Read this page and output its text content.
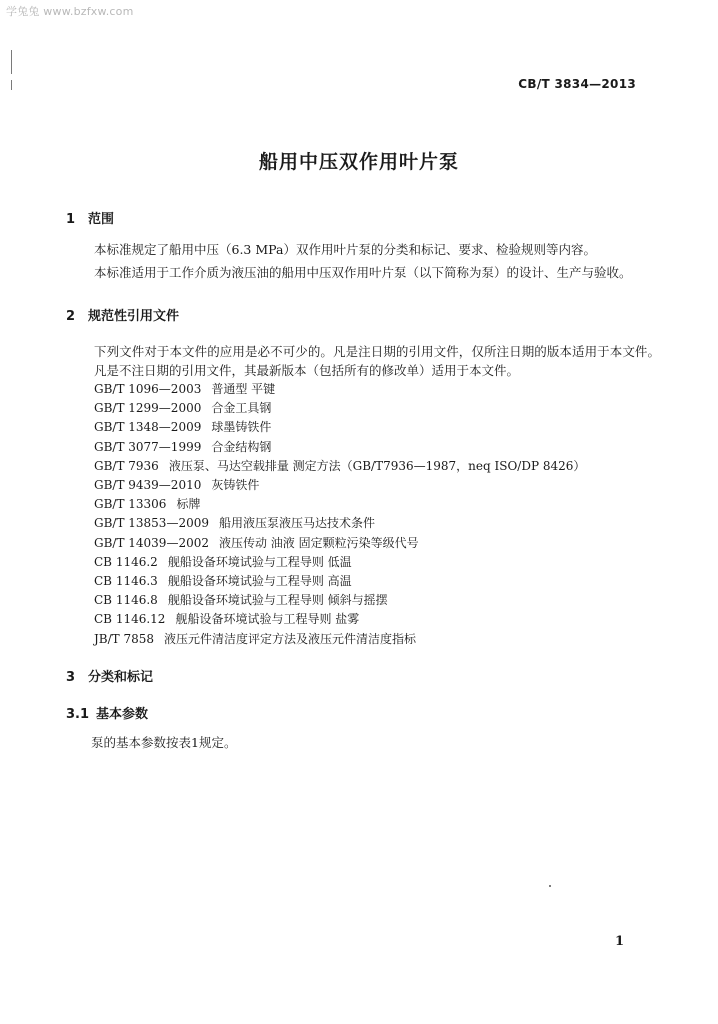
学兔兔 www.bzfxw.com
CB/T 3834—2013
船用中压双作用叶片泵
1 范围
本标准规定了船用中压（6.3 MPa）双作用叶片泵的分类和标记、要求、检验规则等内容。
本标准适用于工作介质为液压油的船用中压双作用叶片泵（以下简称为泵）的设计、生产与验收。
2 规范性引用文件
下列文件对于本文件的应用是必不可少的。凡是注日期的引用文件，仅所注日期的版本适用于本文件。凡是不注日期的引用文件，其最新版本（包括所有的修改单）适用于本文件。
GB/T 1096—2003 普通型 平键
GB/T 1299—2000 合金工具钢
GB/T 1348—2009 球墨铸铁件
GB/T 3077—1999 合金结构钢
GB/T 7936 液压泵、马达空载排量 测定方法（GB/T7936—1987，neq ISO/DP 8426）
GB/T 9439—2010 灰铸铁件
GB/T 13306 标牌
GB/T 13853—2009 船用液压泵液压马达技术条件
GB/T 14039—2002 液压传动 油液 固定颗粒污染等级代号
CB 1146.2 舰船设备环境试验与工程导则 低温
CB 1146.3 舰船设备环境试验与工程导则 高温
CB 1146.8 舰船设备环境试验与工程导则 倾斜与摇摆
CB 1146.12 舰船设备环境试验与工程导则 盐雾
JB/T 7858 液压元件清洁度评定方法及液压元件清洁度指标
3 分类和标记
3.1 基本参数
泵的基本参数按表1规定。
1
